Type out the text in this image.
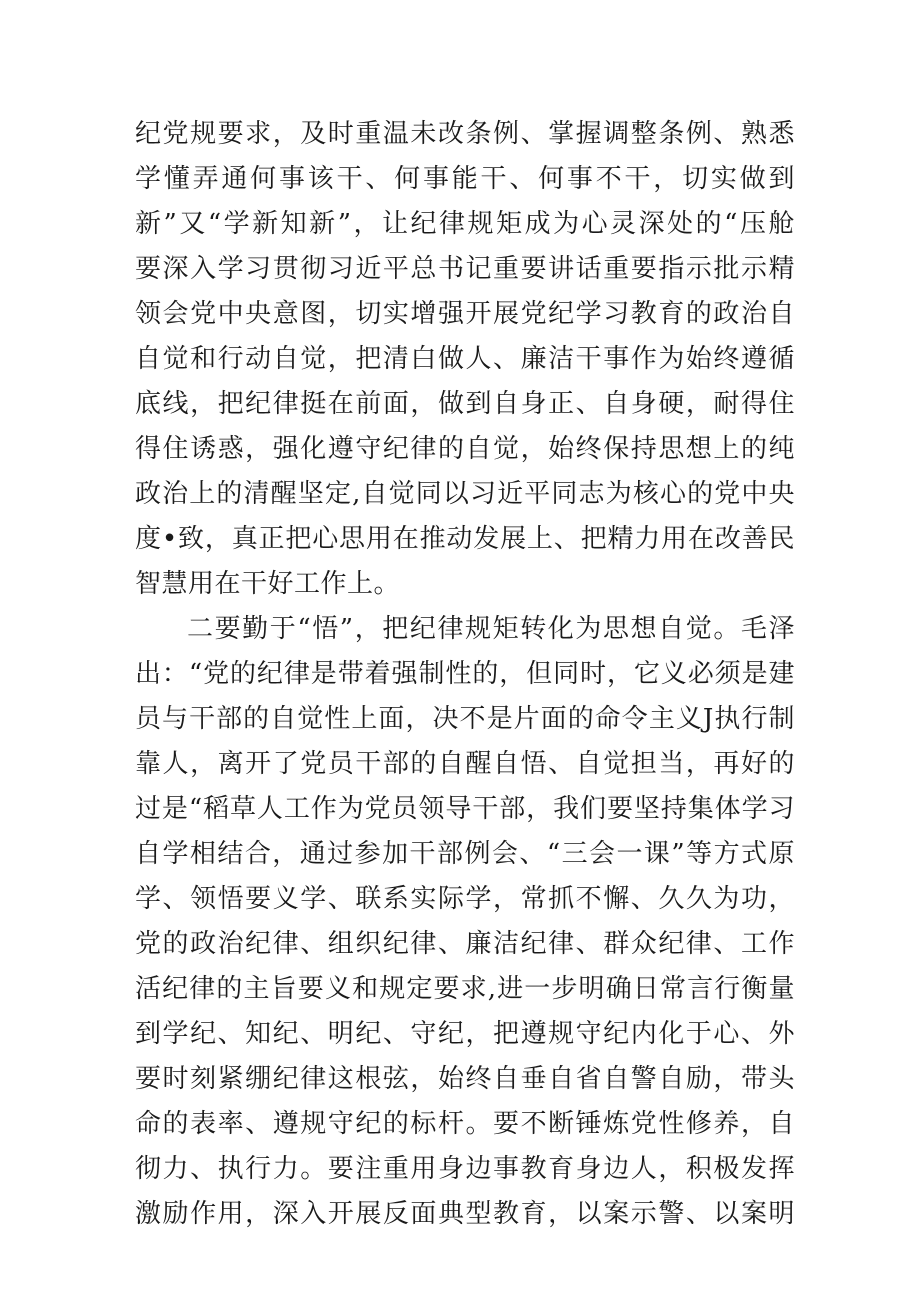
纪党规要求，及时重温未改条例、掌握调整条例、熟悉
学懂弄通何事该干、何事能干、何事不干，切实做到
新”又“学新知新”，让纪律规矩成为心灵深处的“压舱
要深入学习贯彻习近平总书记重要讲话重要指示批示精
领会党中央意图，切实增强开展党纪学习教育的政治自
自觉和行动自觉，把清白做人、廉洁干事作为始终遵循
底线，把纪律挺在前面，做到自身正、自身硬，耐得住
得住诱惑，强化遵守纪律的自觉，始终保持思想上的纯
政治上的清醒坚定,自觉同以习近平同志为核心的党中央
度•致，真正把心思用在推动发展上、把精力用在改善民
智慧用在干好工作上。
二要勤于“悟”，把纪律规矩转化为思想自觉。毛泽
出：“党的纪律是带着强制性的，但同时，它义必须是建
员与干部的自觉性上面，决不是片面的命令主义J执行制
靠人，离开了党员干部的自醒自悟、自觉担当，再好的
过是“稻草人工作为党员领导干部，我们要坚持集体学习
自学相结合，通过参加干部例会、“三会一课”等方式原
学、领悟要义学、联系实际学，常抓不懈、久久为功，
党的政治纪律、组织纪律、廉洁纪律、群众纪律、工作
活纪律的主旨要义和规定要求,进一步明确日常言行衡量
到学纪、知纪、明纪、守纪，把遵规守纪内化于心、外
要时刻紧绷纪律这根弦，始终自垂自省自警自励，带头
命的表率、遵规守纪的标杆。要不断锤炼党性修养，自
彻力、执行力。要注重用身边事教育身边人，积极发挥
激励作用，深入开展反面典型教育，以案示警、以案明
